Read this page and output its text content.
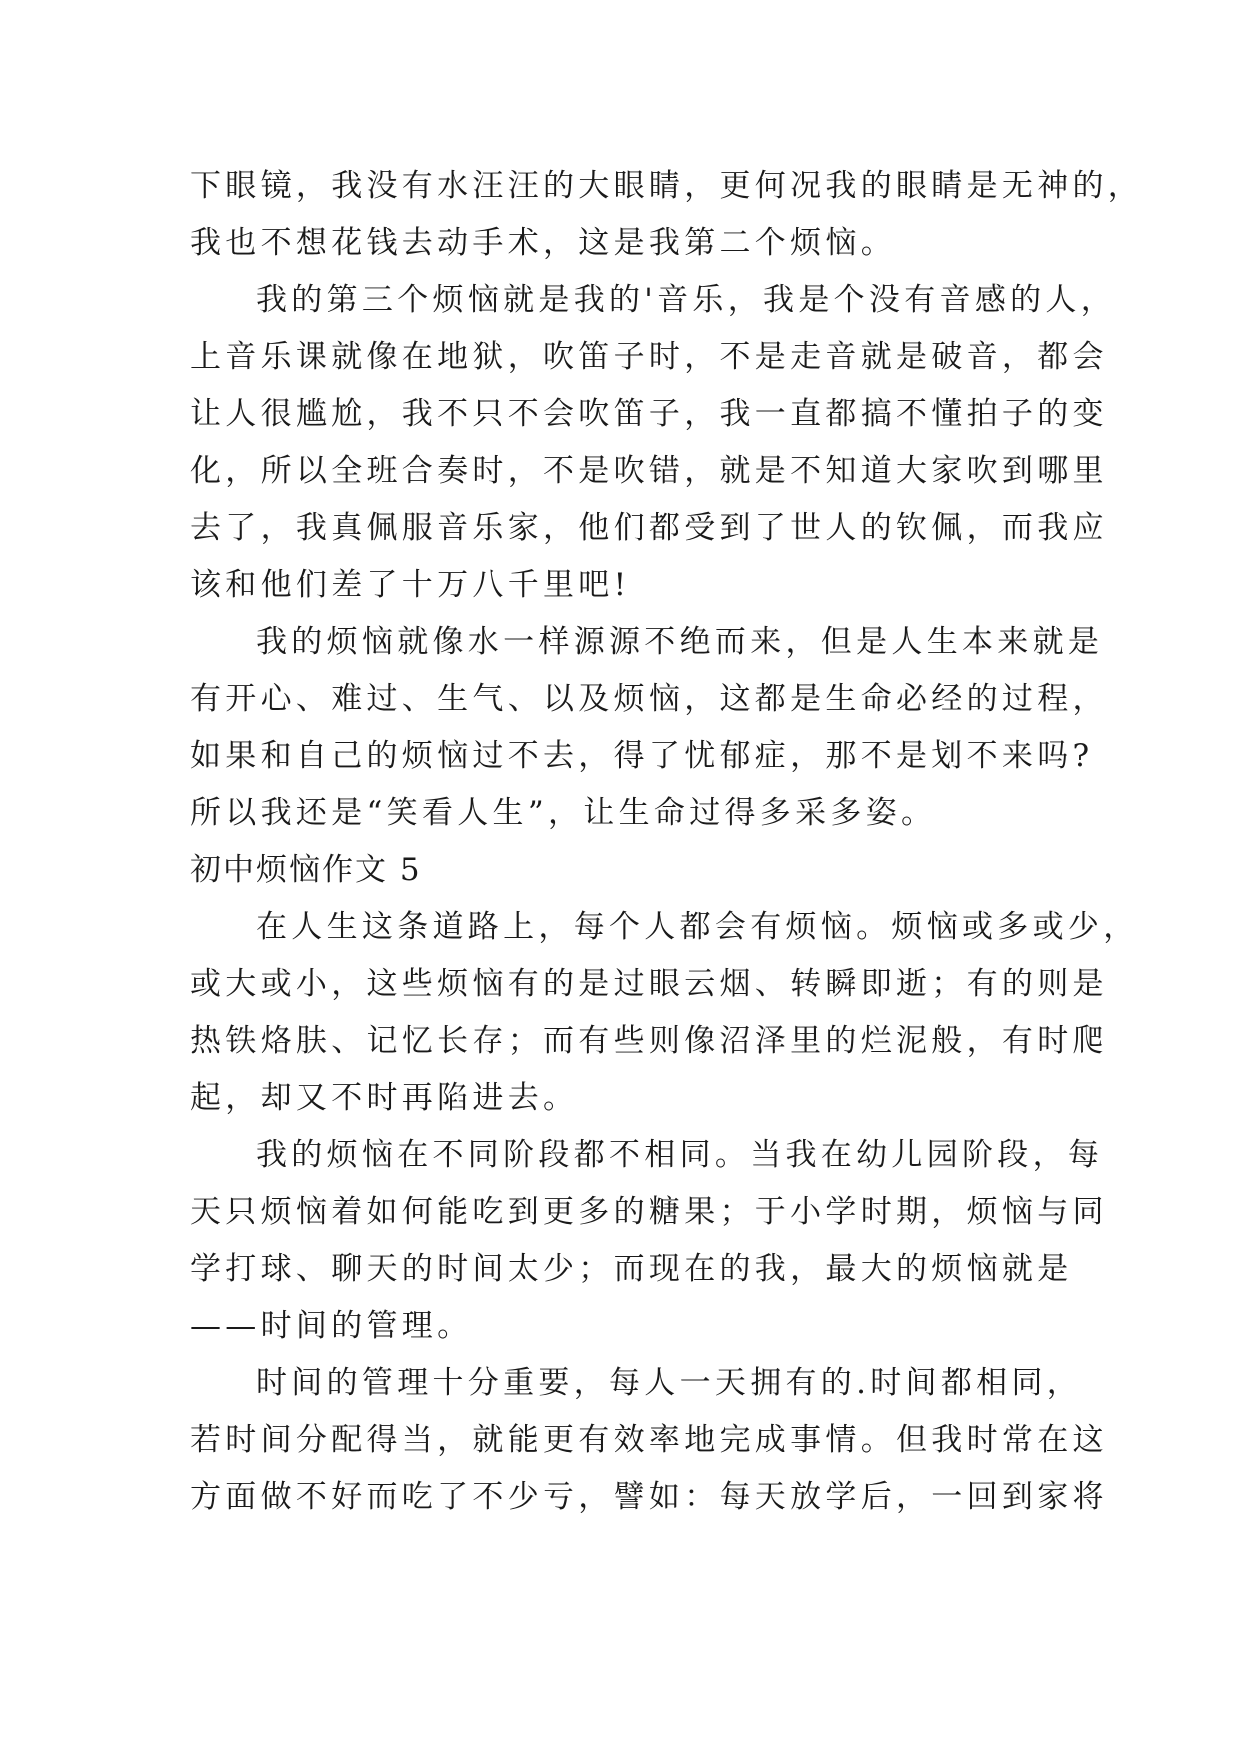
下眼镜，我没有水汪汪的大眼睛，更何况我的眼睛是无神的，
我也不想花钱去动手术，这是我第二个烦恼。
我的第三个烦恼就是我的'音乐，我是个没有音感的人，
上音乐课就像在地狱，吹笛子时，不是走音就是破音，都会
让人很尴尬，我不只不会吹笛子，我一直都搞不懂拍子的变
化，所以全班合奏时，不是吹错，就是不知道大家吹到哪里
去了，我真佩服音乐家，他们都受到了世人的钦佩，而我应
该和他们差了十万八千里吧!
我的烦恼就像水一样源源不绝而来，但是人生本来就是
有开心、难过、生气、以及烦恼，这都是生命必经的过程，
如果和自己的烦恼过不去，得了忧郁症，那不是划不来吗?
所以我还是“笑看人生”，让生命过得多采多姿。
初中烦恼作文 5
在人生这条道路上，每个人都会有烦恼。烦恼或多或少，
或大或小，这些烦恼有的是过眼云烟、转瞬即逝；有的则是
热铁烙肤、记忆长存；而有些则像沼泽里的烂泥般，有时爬
起，却又不时再陷进去。
我的烦恼在不同阶段都不相同。当我在幼儿园阶段，每
天只烦恼着如何能吃到更多的糖果；于小学时期，烦恼与同
学打球、聊天的时间太少；而现在的我，最大的烦恼就是
——时间的管理。
时间的管理十分重要，每人一天拥有的.时间都相同，
若时间分配得当，就能更有效率地完成事情。但我时常在这
方面做不好而吃了不少亏，譬如：每天放学后，一回到家将
